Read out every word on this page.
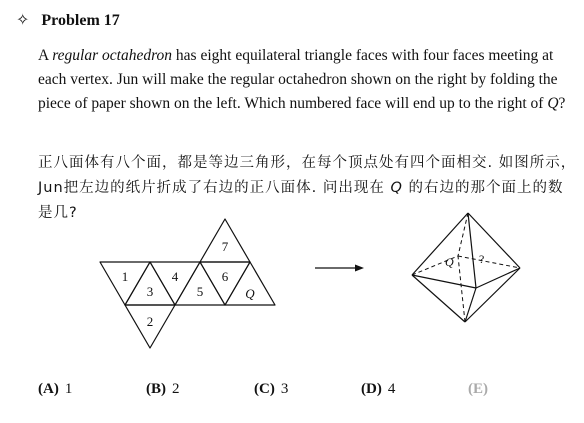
✧ Problem 17

A regular octahedron has eight equilateral triangle faces with four faces meeting at each vertex. Jun will make the regular octahedron shown on the right by folding the piece of paper shown on the left. Which numbered face will end up to the right of Q?

正八面体有八个面，都是等边三角形，在每个顶点处有四个面相交. 如图所示，Jun把左边的纸片折成了右边的正八面体. 问出现在 Q 的右边的那个面上的数是几?

1
3
4
5
6
Q
2
7
Q ?
(A) 1	(B) 2	(C) 3	(D) 4	(E)
